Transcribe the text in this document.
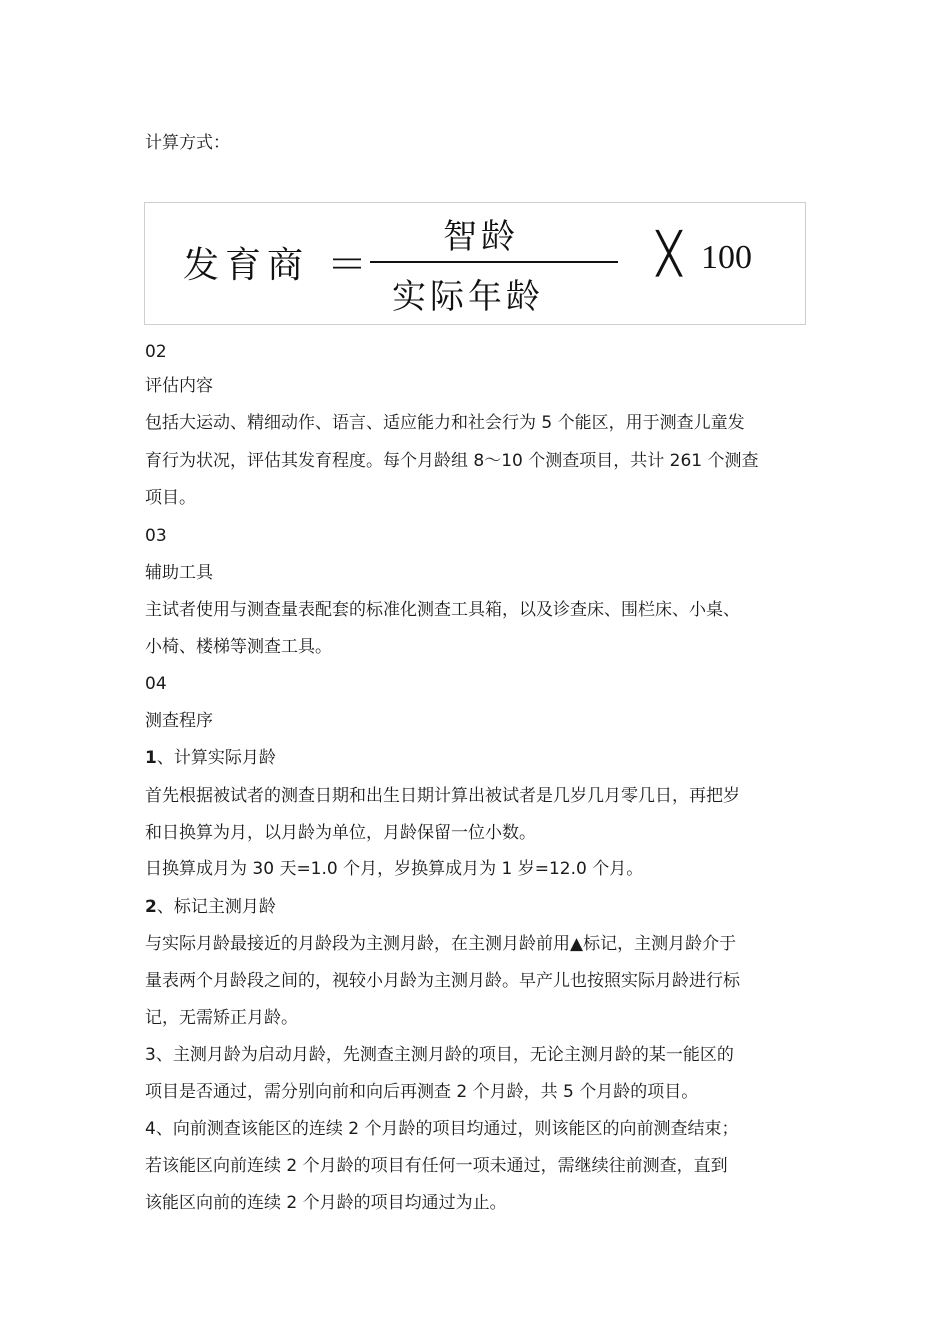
计算方式：
发育商 ＝
智龄
实际年龄
╳ 100
02
评估内容
包括大运动、精细动作、语言、适应能力和社会行为 5 个能区，用于测查儿童发
育行为状况，评估其发育程度。每个月龄组 8～10 个测查项目，共计 261 个测查
项目。
03
辅助工具
主试者使用与测查量表配套的标准化测查工具箱，以及诊查床、围栏床、小桌、
小椅、楼梯等测查工具。
04
测查程序
1、计算实际月龄
首先根据被试者的测查日期和出生日期计算出被试者是几岁几月零几日，再把岁
和日换算为月，以月龄为单位，月龄保留一位小数。
日换算成月为 30 天=1.0 个月，岁换算成月为 1 岁=12.0 个月。
2、标记主测月龄
与实际月龄最接近的月龄段为主测月龄，在主测月龄前用▲标记，主测月龄介于
量表两个月龄段之间的，视较小月龄为主测月龄。早产儿也按照实际月龄进行标
记，无需矫正月龄。
3、主测月龄为启动月龄，先测查主测月龄的项目，无论主测月龄的某一能区的
项目是否通过，需分别向前和向后再测查 2 个月龄，共 5 个月龄的项目。
4、向前测查该能区的连续 2 个月龄的项目均通过，则该能区的向前测查结束；
若该能区向前连续 2 个月龄的项目有任何一项未通过，需继续往前测查，直到
该能区向前的连续 2 个月龄的项目均通过为止。
